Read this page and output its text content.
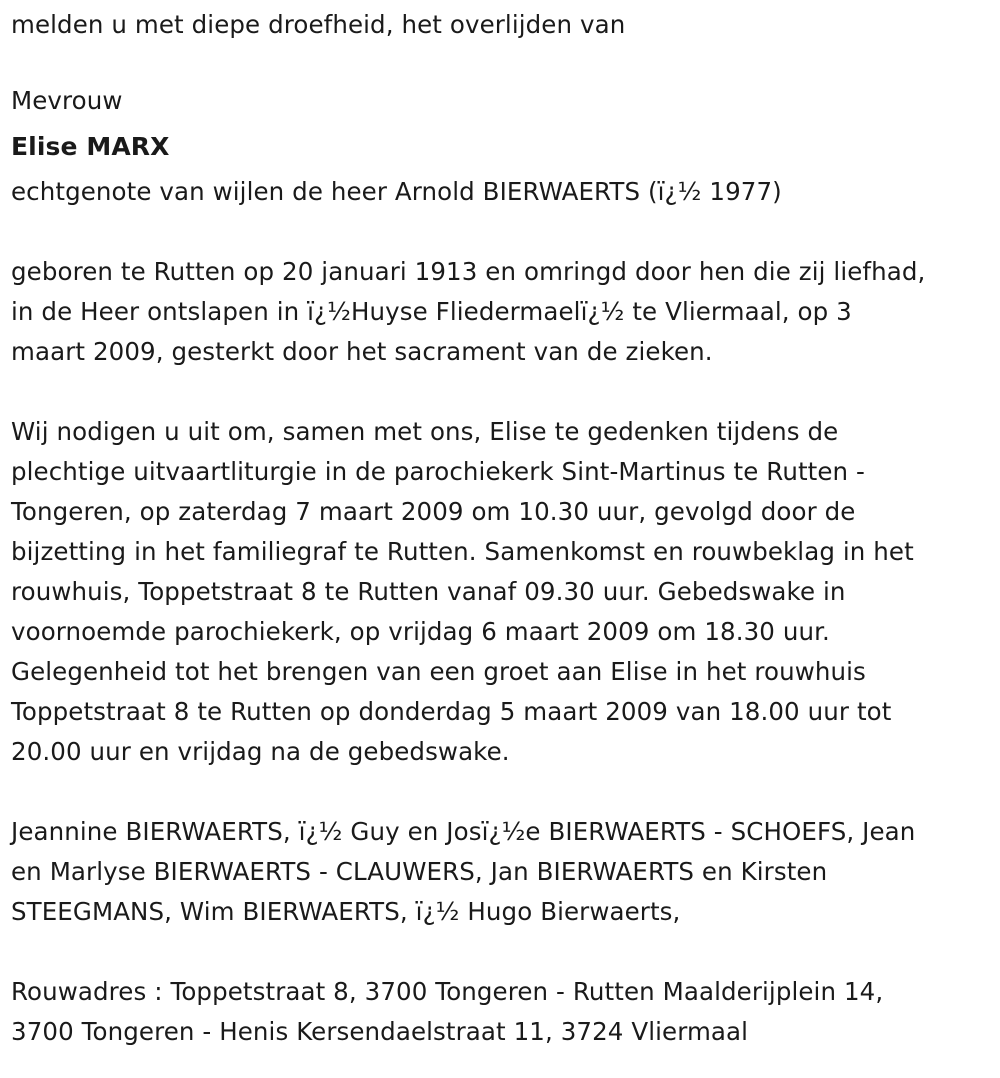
melden u met diepe droefheid, het overlijden van
Mevrouw
Elise MARX
echtgenote van wijlen de heer Arnold BIERWAERTS (ï¿½ 1977)
geboren te Rutten op 20 januari 1913 en omringd door hen die zij liefhad,
in de Heer ontslapen in ï¿½Huyse Fliedermaelï¿½ te Vliermaal, op 3
maart 2009, gesterkt door het sacrament van de zieken.
Wij nodigen u uit om, samen met ons, Elise te gedenken tijdens de
plechtige uitvaartliturgie in de parochiekerk Sint-Martinus te Rutten -
Tongeren, op zaterdag 7 maart 2009 om 10.30 uur, gevolgd door de
bijzetting in het familiegraf te Rutten. Samenkomst en rouwbeklag in het
rouwhuis, Toppetstraat 8 te Rutten vanaf 09.30 uur. Gebedswake in
voornoemde parochiekerk, op vrijdag 6 maart 2009 om 18.30 uur.
Gelegenheid tot het brengen van een groet aan Elise in het rouwhuis
Toppetstraat 8 te Rutten op donderdag 5 maart 2009 van 18.00 uur tot
20.00 uur en vrijdag na de gebedswake.
Jeannine BIERWAERTS, ï¿½ Guy en Josï¿½e BIERWAERTS - SCHOEFS, Jean
en Marlyse BIERWAERTS - CLAUWERS, Jan BIERWAERTS en Kirsten
STEEGMANS, Wim BIERWAERTS, ï¿½ Hugo Bierwaerts,
Rouwadres : Toppetstraat 8, 3700 Tongeren - Rutten Maalderijplein 14,
3700 Tongeren - Henis Kersendaelstraat 11, 3724 Vliermaal
